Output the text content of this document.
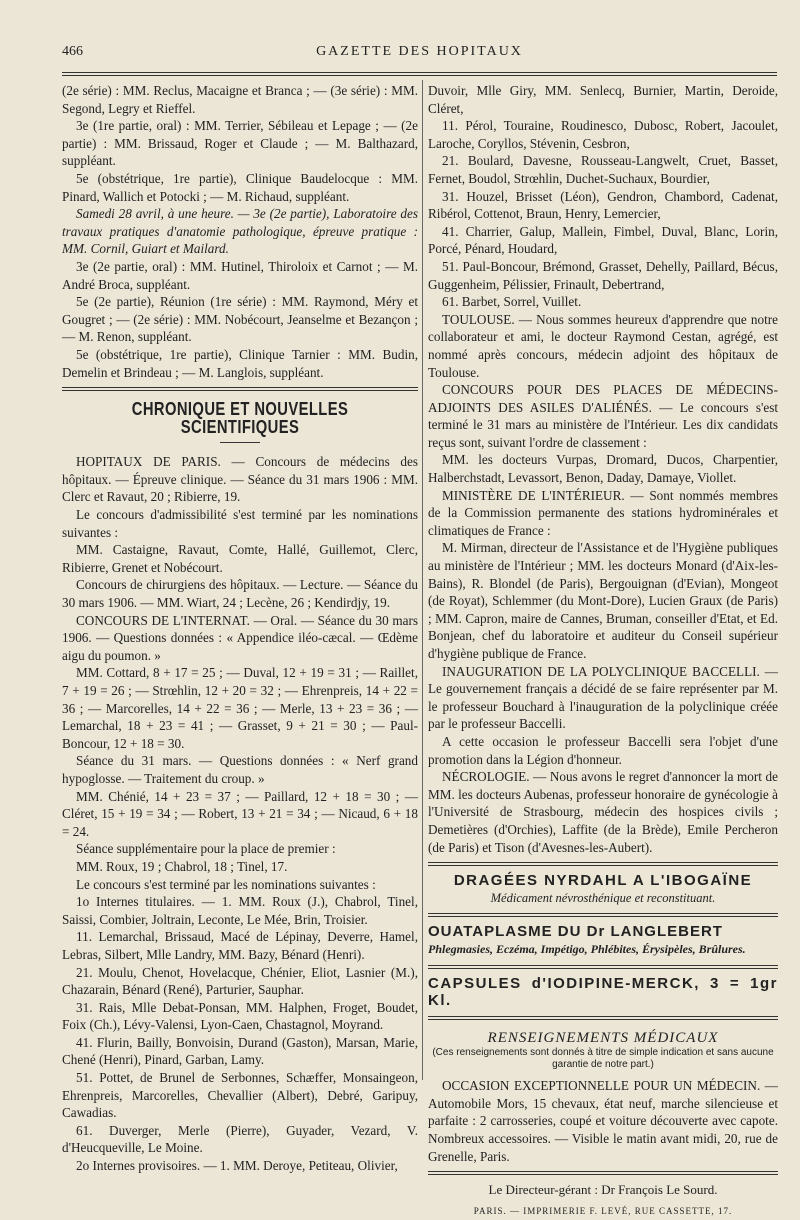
466	GAZETTE DES HOPITAUX

(2e série) : MM. Reclus, Macaigne et Branca ; — (3e série) : MM. Segond, Legry et Rieffel.

3e (1re partie, oral) : MM. Terrier, Sébileau et Lepage ; — (2e partie) : MM. Brissaud, Roger et Claude ; — M. Balthazard, suppléant.

5e (obstétrique, 1re partie), Clinique Baudelocque : MM. Pinard, Wallich et Potocki ; — M. Richaud, suppléant.

Samedi 28 avril, à une heure. — 3e (2e partie), Laboratoire des travaux pratiques d'anatomie pathologique, épreuve pratique : MM. Cornil, Guiart et Mailard.

3e (2e partie, oral) : MM. Hutinel, Thiroloix et Carnot ; — M. André Broca, suppléant.

5e (2e partie), Réunion (1re série) : MM. Raymond, Méry et Gougret ; — (2e série) : MM. Nobécourt, Jeanselme et Bezançon ; — M. Renon, suppléant.

5e (obstétrique, 1re partie), Clinique Tarnier : MM. Budin, Demelin et Brindeau ; — M. Langlois, suppléant.

CHRONIQUE ET NOUVELLES SCIENTIFIQUES

HOPITAUX DE PARIS. — Concours de médecins des hôpitaux. — Épreuve clinique. — Séance du 31 mars 1906 : MM. Clerc et Ravaut, 20 ; Ribierre, 19.

Le concours d'admissibilité s'est terminé par les nominations suivantes :

MM. Castaigne, Ravaut, Comte, Hallé, Guillemot, Clerc, Ribierre, Grenet et Nobécourt.

Concours de chirurgiens des hôpitaux. — Lecture. — Séance du 30 mars 1906. — MM. Wiart, 24 ; Lecène, 26 ; Kendirdjy, 19.

CONCOURS DE L'INTERNAT. — Oral. — Séance du 30 mars 1906. — Questions données : « Appendice iléo-cæcal. — Œdème aigu du poumon. »

MM. Cottard, 8 + 17 = 25 ; — Duval, 12 + 19 = 31 ; — Raillet, 7 + 19 = 26 ; — Strœhlin, 12 + 20 = 32 ; — Ehrenpreis, 14 + 22 = 36 ; — Marcorelles, 14 + 22 = 36 ; — Merle, 13 + 23 = 36 ; — Lemarchal, 18 + 23 = 41 ; — Grasset, 9 + 21 = 30 ; — Paul-Boncour, 12 + 18 = 30.

Séance du 31 mars. — Questions données : « Nerf grand hypoglosse. — Traitement du croup. »

MM. Chénié, 14 + 23 = 37 ; — Paillard, 12 + 18 = 30 ; — Cléret, 15 + 19 = 34 ; — Robert, 13 + 21 = 34 ; — Nicaud, 6 + 18 = 24.

Séance supplémentaire pour la place de premier :

MM. Roux, 19 ; Chabrol, 18 ; Tinel, 17.

Le concours s'est terminé par les nominations suivantes :

1o Internes titulaires. — 1. MM. Roux (J.), Chabrol, Tinel, Saissi, Combier, Joltrain, Leconte, Le Mée, Brin, Troisier.

11. Lemarchal, Brissaud, Macé de Lépinay, Deverre, Hamel, Lebras, Silbert, Mlle Landry, MM. Bazy, Bénard (Henri).

21. Moulu, Chenot, Hovelacque, Chénier, Eliot, Lasnier (M.), Chazarain, Bénard (René), Parturier, Sauphar.

31. Rais, Mlle Debat-Ponsan, MM. Halphen, Froget, Boudet, Foix (Ch.), Lévy-Valensi, Lyon-Caen, Chastagnol, Moyrand.

41. Flurin, Bailly, Bonvoisin, Durand (Gaston), Marsan, Marie, Chené (Henri), Pinard, Garban, Lamy.

51. Pottet, de Brunel de Serbonnes, Schæffer, Monsaingeon, Ehrenpreis, Marcorelles, Chevallier (Albert), Debré, Garipuy, Cawadias.

61. Duverger, Merle (Pierre), Guyader, Vezard, V. d'Heucqueville, Le Moine.

2o Internes provisoires. — 1. MM. Deroye, Petiteau, Olivier,

Duvoir, Mlle Giry, MM. Senlecq, Burnier, Martin, Deroide, Cléret,

11. Pérol, Touraine, Roudinesco, Dubosc, Robert, Jacoulet, Laroche, Coryllos, Stévenin, Cesbron,

21. Boulard, Davesne, Rousseau-Langwelt, Cruet, Basset, Fernet, Boudol, Strœhlin, Duchet-Suchaux, Bourdier,

31. Houzel, Brisset (Léon), Gendron, Chambord, Cadenat, Ribérol, Cottenot, Braun, Henry, Lemercier,

41. Charrier, Galup, Mallein, Fimbel, Duval, Blanc, Lorin, Porcé, Pénard, Houdard,

51. Paul-Boncour, Brémond, Grasset, Dehelly, Paillard, Bécus, Guggenheim, Pélissier, Frinault, Debertrand,

61. Barbet, Sorrel, Vuillet.

TOULOUSE. — Nous sommes heureux d'apprendre que notre collaborateur et ami, le docteur Raymond Cestan, agrégé, est nommé après concours, médecin adjoint des hôpitaux de Toulouse.

CONCOURS POUR DES PLACES DE MÉDECINS-ADJOINTS DES ASILES D'ALIÉNÉS. — Le concours s'est terminé le 31 mars au ministère de l'Intérieur. Les dix candidats reçus sont, suivant l'ordre de classement :

MM. les docteurs Vurpas, Dromard, Ducos, Charpentier, Halberchstadt, Levassort, Benon, Daday, Damaye, Viollet.

MINISTÈRE DE L'INTÉRIEUR. — Sont nommés membres de la Commission permanente des stations hydrominérales et climatiques de France :

M. Mirman, directeur de l'Assistance et de l'Hygiène publiques au ministère de l'Intérieur ; MM. les docteurs Monard (d'Aix-les-Bains), R. Blondel (de Paris), Bergouignan (d'Evian), Mongeot (de Royat), Schlemmer (du Mont-Dore), Lucien Graux (de Paris) ; MM. Capron, maire de Cannes, Bruman, conseiller d'Etat, et Ed. Bonjean, chef du laboratoire et auditeur du Conseil supérieur d'hygiène publique de France.

INAUGURATION DE LA POLYCLINIQUE BACCELLI. — Le gouvernement français a décidé de se faire représenter par M. le professeur Bouchard à l'inauguration de la polyclinique créée par le professeur Baccelli.

A cette occasion le professeur Baccelli sera l'objet d'une promotion dans la Légion d'honneur.

NÉCROLOGIE. — Nous avons le regret d'annoncer la mort de MM. les docteurs Aubenas, professeur honoraire de gynécologie à l'Université de Strasbourg, médecin des hospices civils ; Demetières (d'Orchies), Laffite (de la Brède), Emile Percheron (de Paris) et Tison (d'Avesnes-les-Aubert).

DRAGÉES NYRDAHL A L'IBOGAÏNE
Médicament névrosthénique et reconstituant.
OUATAPLASME DU Dr LANGLEBERT
Phlegmasies, Eczéma, Impétigo, Phlébites, Érysipèles, Brûlures.
CAPSULES d'IODIPINE-MERCK, 3 = 1gr Kl.
RENSEIGNEMENTS MÉDICAUX
(Ces renseignements sont donnés à titre de simple indication et sans aucune garantie de notre part.)

OCCASION EXCEPTIONNELLE POUR UN MÉDECIN. — Automobile Mors, 15 chevaux, état neuf, marche silencieuse et parfaite : 2 carrosseries, coupé et voiture découverte avec capote. Nombreux accessoires. — Visible le matin avant midi, 20, rue de Grenelle, Paris.

Le Directeur-gérant : Dr François Le Sourd.
PARIS. — IMPRIMERIE F. LEVÉ, RUE CASSETTE, 17.
